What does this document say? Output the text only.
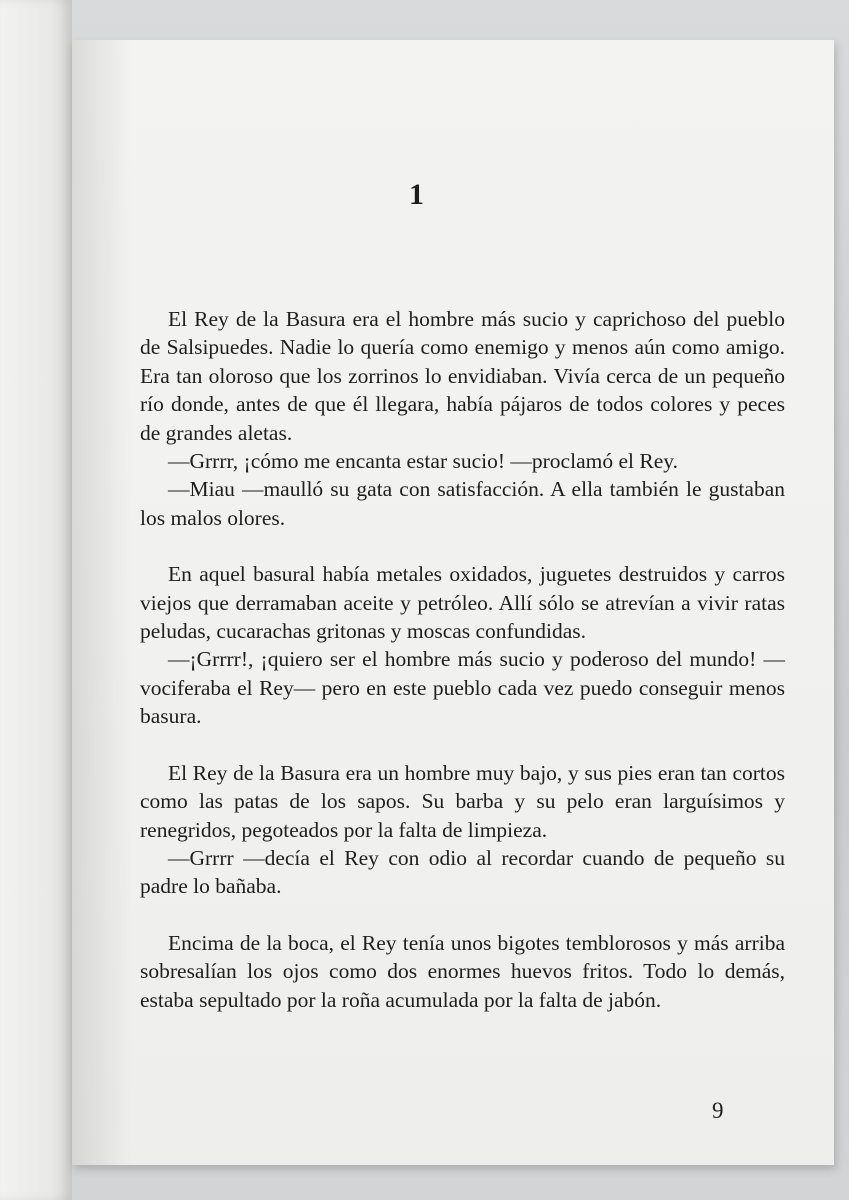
1

El Rey de la Basura era el hombre más sucio y caprichoso del pueblo de Salsipuedes. Nadie lo quería como enemigo y menos aún como amigo. Era tan oloroso que los zorrinos lo envidiaban. Vivía cerca de un pequeño río donde, antes de que él llegara, había pájaros de todos colores y peces de grandes aletas.

—Grrrr, ¡cómo me encanta estar sucio! —proclamó el Rey.

—Miau —maulló su gata con satisfacción. A ella también le gustaban los malos olores.

En aquel basural había metales oxidados, juguetes destruidos y carros viejos que derramaban aceite y petróleo. Allí sólo se atrevían a vivir ratas peludas, cucarachas gritonas y moscas confundidas.

—¡Grrrr!, ¡quiero ser el hombre más sucio y poderoso del mundo! —vociferaba el Rey— pero en este pueblo cada vez puedo conseguir menos basura.

El Rey de la Basura era un hombre muy bajo, y sus pies eran tan cortos como las patas de los sapos. Su barba y su pelo eran larguísimos y renegridos, pegoteados por la falta de limpieza.

—Grrrr —decía el Rey con odio al recordar cuando de pequeño su padre lo bañaba.

Encima de la boca, el Rey tenía unos bigotes temblorosos y más arriba sobresalían los ojos como dos enormes huevos fritos. Todo lo demás, estaba sepultado por la roña acumulada por la falta de jabón.

9
